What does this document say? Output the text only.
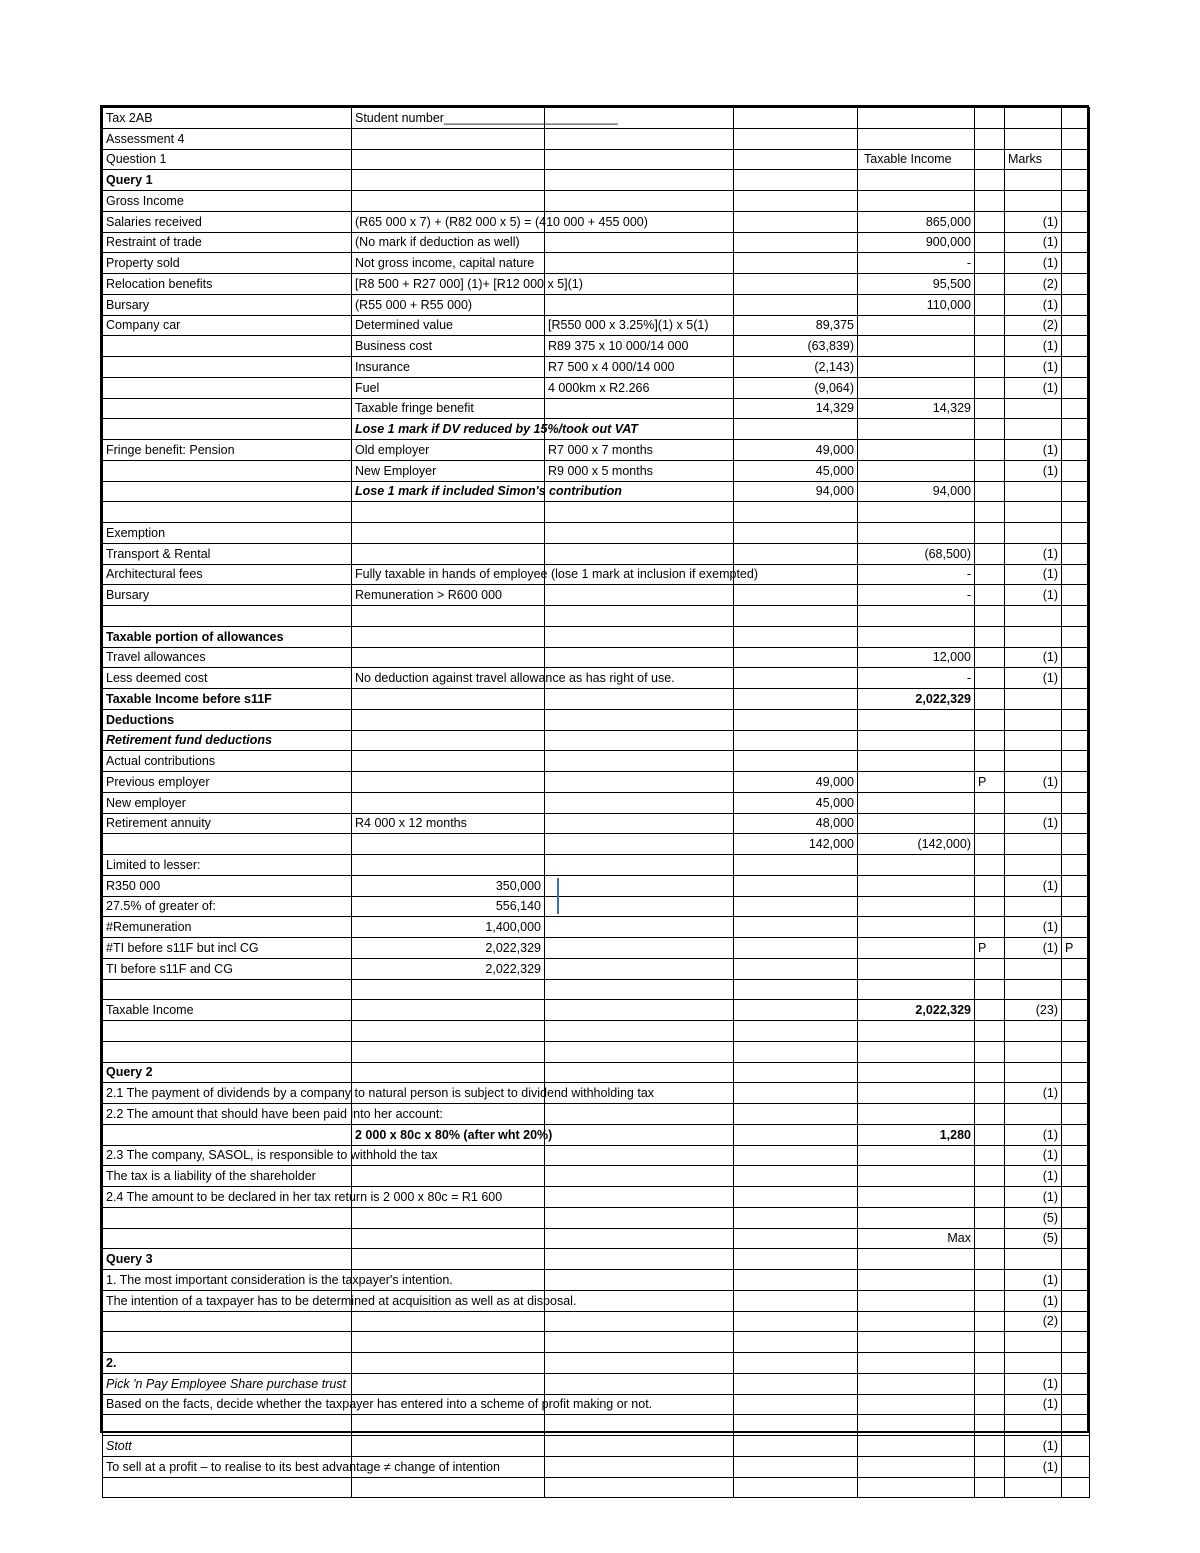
Tax 2AB	Student number_________________________						
Assessment 4							
Question 1				Taxable Income		Marks	
Query 1							
Gross Income							
Salaries received	(R65 000 x 7) + (R82 000 x 5) = (410 000 + 455 000)			865,000		(1)	
Restraint of trade	(No mark if deduction as well)			900,000		(1)	
Property sold	Not gross income, capital nature			-		(1)	
Relocation benefits	[R8 500 + R27 000] (1)+ [R12 000 x 5](1)			95,500		(2)	
Bursary	(R55 000 + R55 000)			110,000		(1)	
Company car	Determined value	[R550 000 x 3.25%](1) x 5(1)	89,375			(2)	
	Business cost	R89 375 x 10 000/14 000	(63,839)			(1)	
	Insurance	R7 500 x 4 000/14 000	(2,143)			(1)	
	Fuel	4 000km x R2.266	(9,064)			(1)	
	Taxable fringe benefit		14,329	14,329			
	Lose 1 mark if DV reduced by 15%/took out VAT						
Fringe benefit: Pension	Old employer	R7 000 x 7 months	49,000			(1)	
	New Employer	R9 000 x 5 months	45,000			(1)	
	Lose 1 mark if included Simon's contribution		94,000	94,000			

Exemption							
Transport & Rental				(68,500)		(1)	
Architectural fees	Fully taxable in hands of employee (lose 1 mark at inclusion if exempted)			-		(1)	
Bursary	Remuneration > R600 000			-		(1)	

Taxable portion of allowances							
Travel allowances				12,000		(1)	
Less deemed cost	No deduction against travel allowance as has right of use.			-		(1)	
Taxable Income before s11F				2,022,329			
Deductions							
Retirement fund deductions							
Actual contributions							
Previous employer			49,000		P	(1)	
New employer			45,000				
Retirement annuity	R4 000 x 12 months		48,000			(1)	
			142,000	(142,000)			
Limited to lesser:							
R350 000	350,000					(1)	
27.5% of greater of:	556,140						
#Remuneration	1,400,000					(1)	
#TI before s11F but incl CG	2,022,329				P	(1)	P
TI before s11F and CG	2,022,329						

Taxable Income				2,022,329		(23)	

Query 2							
2.1 The payment of dividends by a company to natural person is subject to dividend withholding tax						(1)	
2.2 The amount that should have been paid into her account:							
	2 000 x 80c x 80% (after wht 20%)			1,280		(1)	
2.3 The company, SASOL, is responsible to withhold the tax						(1)	
The tax is a liability of the shareholder						(1)	
2.4 The amount to be declared in her tax return is 2 000 x 80c = R1 600						(1)	
						(5)	
				Max		(5)	
Query 3							
1. The most important consideration is the taxpayer's intention.						(1)	
The intention of a taxpayer has to be determined at acquisition as well as at disposal.						(1)	
						(2)	

2.							
Pick 'n Pay Employee Share purchase trust						(1)	
Based on the facts, decide whether the taxpayer has entered into a scheme of profit making or not.						(1)	

Stott						(1)	
To sell at a profit – to realise to its best advantage ≠ change of intention						(1)	
